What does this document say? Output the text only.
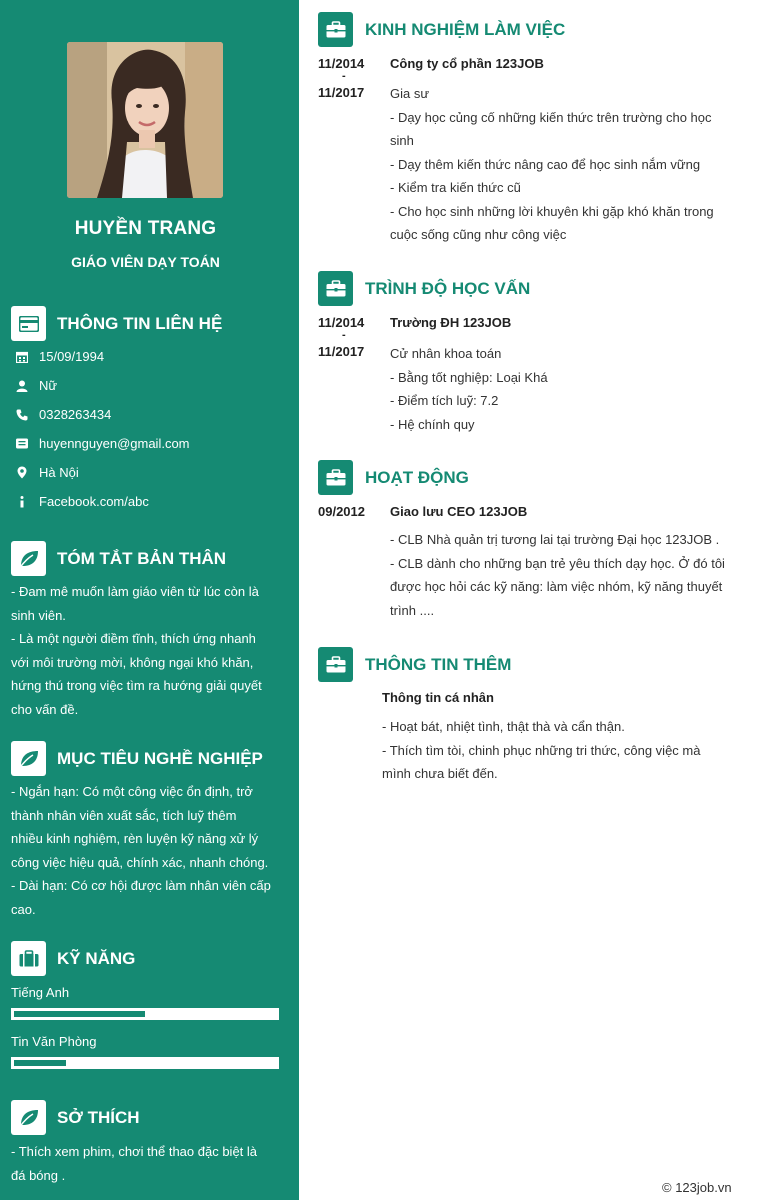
HUYỀN TRANG
GIÁO VIÊN DẠY TOÁN
THÔNG TIN LIÊN HỆ
15/09/1994
Nữ
0328263434
huyennguyen@gmail.com
Hà Nội
Facebook.com/abc
TÓM TẮT BẢN THÂN
- Đam mê muốn làm giáo viên từ lúc còn là
sinh viên.
- Là một người điềm tĩnh, thích ứng nhanh
với môi trường mời, không ngại khó khăn,
hứng thú trong việc tìm ra hướng giải quyết
cho vấn đề.
MỤC TIÊU NGHỀ NGHIỆP
- Ngắn hạn: Có một công việc ổn định, trở
thành nhân viên xuất sắc, tích luỹ thêm
nhiều kinh nghiệm, rèn luyện kỹ năng xử lý
công việc hiệu quả, chính xác, nhanh chóng.
- Dài hạn: Có cơ hội được làm nhân viên cấp
cao.
KỸ NĂNG
Tiếng Anh
Tin Văn Phòng
SỞ THÍCH
- Thích xem phim, chơi thể thao đặc biệt là
đá bóng .
KINH NGHIỆM LÀM VIỆC
11/2014
-
11/2017
Công ty cổ phần 123JOB
Gia sư
- Dạy học củng cố những kiến thức trên trường cho học
sinh
- Dạy thêm kiến thức nâng cao để học sinh nắm vững
- Kiểm tra kiến thức cũ
- Cho học sinh những lời khuyên khi gặp khó khăn trong
cuộc sống cũng như công việc
TRÌNH ĐỘ HỌC VẤN
11/2014
-
11/2017
Trường ĐH 123JOB
Cử nhân khoa toán
- Bằng tốt nghiệp: Loại Khá
- Điểm tích luỹ: 7.2
- Hệ chính quy
HOẠT ĐỘNG
09/2012 Giao lưu CEO 123JOB
- CLB Nhà quản trị tương lai tại trường Đại học 123JOB .
- CLB dành cho những bạn trẻ yêu thích dạy học. Ở đó tôi
được học hỏi các kỹ năng: làm việc nhóm, kỹ năng thuyết
trình ....
THÔNG TIN THÊM
Thông tin cá nhân
- Hoạt bát, nhiệt tình, thật thà và cẩn thận.
- Thích tìm tòi, chinh phục những tri thức, công việc mà
mình chưa biết đến.
© 123job.vn
